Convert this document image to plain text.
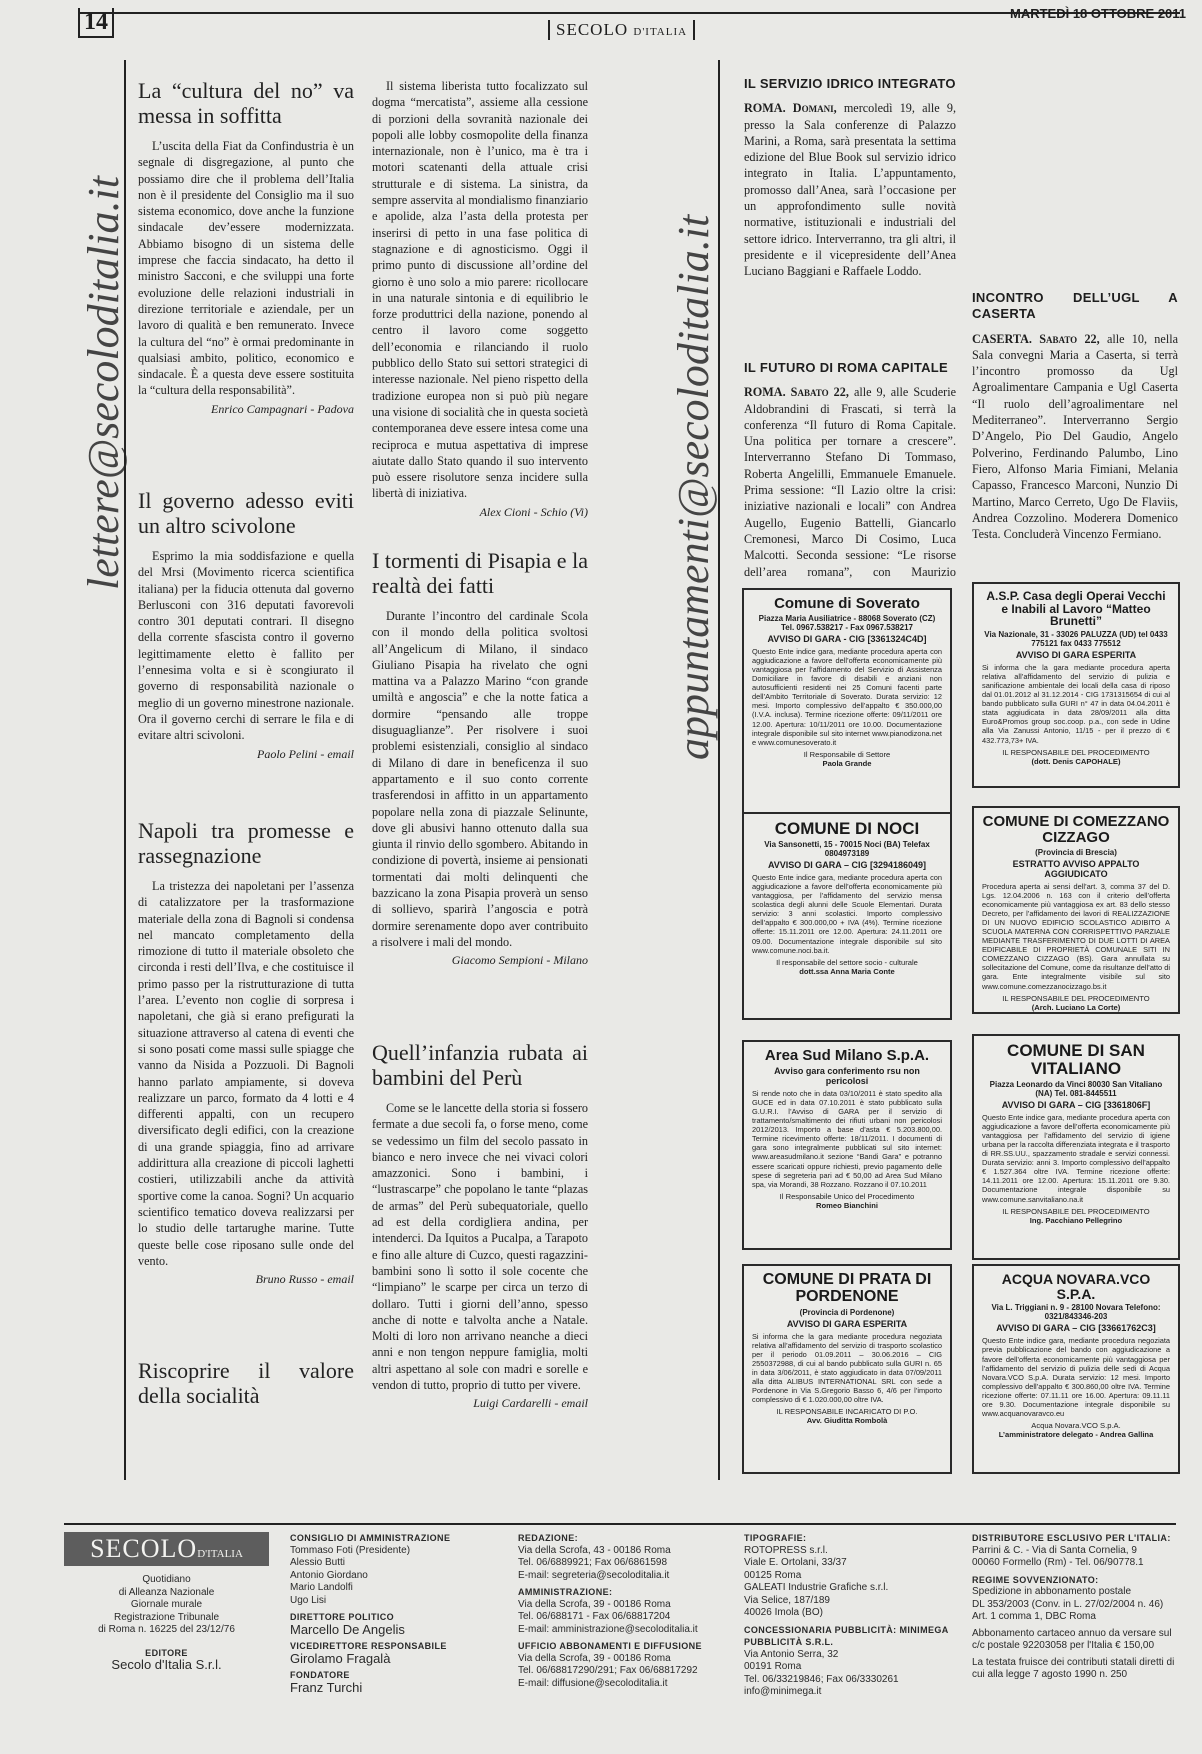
14	SECOLO D'ITALIA
MARTEDÌ 18 OTTOBRE 2011
lettere@secoloditalia.it
La “cultura del no” va messa in soffitta

L’uscita della Fiat da Confindustria è un segnale di disgregazione, al punto che possiamo dire che il problema dell’Italia non è il presidente del Consiglio ma il suo sistema economico, dove anche la funzione sindacale dev’essere modernizzata. Abbiamo bisogno di un sistema delle imprese che faccia sindacato, ha detto il ministro Sacconi, e che sviluppi una forte evoluzione delle relazioni industriali in direzione territoriale e aziendale, per un lavoro di qualità e ben remunerato. Invece la cultura del “no” è ormai predominante in qualsiasi ambito, politico, economico e sindacale. È a questa deve essere sostituita la “cultura della responsabilità”.

Enrico Campagnari - Padova
Il governo adesso eviti un altro scivolone

Esprimo la mia soddisfazione e quella del Mrsi (Movimento ricerca scientifica italiana) per la fiducia ottenuta dal governo Berlusconi con 316 deputati favorevoli contro 301 deputati contrari. Il disegno della corrente sfascista contro il governo legittimamente eletto è fallito per l’ennesima volta e si è scongiurato il governo di responsabilità nazionale o meglio di un governo minestrone nazionale. Ora il governo cerchi di serrare le fila e di evitare altri scivoloni.

Paolo Pelini - email
Napoli tra promesse e rassegnazione

La tristezza dei napoletani per l’assenza di catalizzatore per la trasformazione materiale della zona di Bagnoli si condensa nel mancato completamento della rimozione di tutto il materiale obsoleto che circonda i resti dell’Ilva, e che costituisce il primo passo per la ristrutturazione di tutta l’area. L’evento non coglie di sorpresa i napoletani, che già si erano prefigurati la situazione attraverso al catena di eventi che si sono posati come massi sulle spiagge che vanno da Nisida a Pozzuoli. Di Bagnoli hanno parlato ampiamente, si doveva realizzare un parco, formato da 4 lotti e 4 differenti appalti, con un recupero diversificato degli edifici, con la creazione di una grande spiaggia, fino ad arrivare addirittura alla creazione di piccoli laghetti costieri, utilizzabili anche da attività sportive come la canoa. Sogni? Un acquario scientifico tematico doveva realizzarsi per lo studio delle tartarughe marine. Tutte queste belle cose riposano sulle onde del vento.

Bruno Russo - email
Riscoprire il valore della socialità

Il sistema liberista tutto focalizzato sul dogma “mercatista”, assieme alla cessione di porzioni della sovranità nazionale dei popoli alle lobby cosmopolite della finanza internazionale, non è l’unico, ma è tra i motori scatenanti della attuale crisi strutturale e di sistema. La sinistra, da sempre asservita al mondialismo finanziario e apolide, alza l’asta della protesta per inserirsi di petto in una fase politica di stagnazione e di agnosticismo. Oggi il primo punto di discussione all’ordine del giorno è uno solo a mio parere: ricollocare in una naturale sintonia e di equilibrio le forze produttrici della nazione, ponendo al centro il lavoro come soggetto dell’economia e rilanciando il ruolo pubblico dello Stato sui settori strategici di interesse nazionale. Nel pieno rispetto della tradizione europea non si può più negare una visione di socialità che in questa società contemporanea deve essere intesa come una reciproca e mutua aspettativa di imprese aiutate dallo Stato quando il suo intervento può essere risolutore senza incidere sulla libertà di iniziativa.

Alex Cioni - Schio (Vi)
I tormenti di Pisapia e la realtà dei fatti

Durante l’incontro del cardinale Scola con il mondo della politica svoltosi all’Angelicum di Milano, il sindaco Giuliano Pisapia ha rivelato che ogni mattina va a Palazzo Marino “con grande umiltà e angoscia” e che la notte fatica a dormire “pensando alle troppe disuguaglianze”. Per risolvere i suoi problemi esistenziali, consiglio al sindaco di Milano di dare in beneficenza il suo appartamento e il suo conto corrente trasferendosi in affitto in un appartamento popolare nella zona di piazzale Selinunte, dove gli abusivi hanno ottenuto dalla sua giunta il rinvio dello sgombero. Abitando in condizione di povertà, insieme ai pensionati tormentati dai molti delinquenti che bazzicano la zona Pisapia proverà un senso di sollievo, sparirà l’angoscia e potrà dormire serenamente dopo aver contribuito a risolvere i mali del mondo.

Giacomo Sempioni - Milano
Quell’infanzia rubata ai bambini del Perù

Come se le lancette della storia si fossero fermate a due secoli fa, o forse meno, come se vedessimo un film del secolo passato in bianco e nero invece che nei vivaci colori amazzonici. Sono i bambini, i “lustrascarpe” che popolano le tante “plazas de armas” del Perù subequatoriale, quello ad est della cordigliera andina, per intenderci. Da Iquitos a Pucalpa, a Tarapoto e fino alle alture di Cuzco, questi ragazzini-bambini sono lì sotto il sole cocente che “limpiano” le scarpe per circa un terzo di dollaro. Tutti i giorni dell’anno, spesso anche di notte e talvolta anche a Natale. Molti di loro non arrivano neanche a dieci anni e non tengon neppure famiglia, molti altri aspettano al sole con madri e sorelle e vendon di tutto, proprio di tutto per vivere.

Luigi Cardarelli - email
appuntamenti@secoloditalia.it
IL SERVIZIO IDRICO INTEGRATO

ROMA. Domani, mercoledì 19, alle 9, presso la Sala conferenze di Palazzo Marini, a Roma, sarà presentata la settima edizione del Blue Book sul servizio idrico integrato in Italia. L’appuntamento, promosso dall’Anea, sarà l’occasione per un approfondimento sulle novità normative, istituzionali e industriali del settore idrico. Interverranno, tra gli altri, il presidente e il vicepresidente dell’Anea Luciano Baggiani e Raffaele Loddo.

IL FUTURO DI ROMA CAPITALE

ROMA. Sabato 22, alle 9, alle Scuderie Aldobrandini di Frascati, si terrà la conferenza “Il futuro di Roma Capitale. Una politica per tornare a crescere”. Interverranno Stefano Di Tommaso, Roberta Angelilli, Emmanuele Emanuele. Prima sessione: “Il Lazio oltre la crisi: iniziative nazionali e locali” con Andrea Augello, Eugenio Battelli, Giancarlo Cremonesi, Marco Di Cosimo, Luca Malcotti. Seconda sessione: “Le risorse dell’area romana”, con Maurizio

INCONTRO DELL’UGL A CASERTA

CASERTA. Sabato 22, alle 10, nella Sala convegni Maria a Caserta, si terrà l’incontro promosso da Ugl Agroalimentare Campania e Ugl Caserta “Il ruolo dell’agroalimentare nel Mediterraneo”. Interverranno Sergio D’Angelo, Pio Del Gaudio, Angelo Polverino, Ferdinando Palumbo, Lino Fiero, Alfonso Maria Fimiani, Melania Capasso, Francesco Marconi, Nunzio Di Martino, Marco Cerreto, Ugo De Flaviis, Andrea Cozzolino. Moderera Domenico Testa. Concluderà Vincenzo Fermiano.

Comune di Soverato
Piazza Maria Ausiliatrice - 88068 Soverato (CZ) Tel. 0967.538217 - Fax 0967.538217
AVVISO DI GARA - CIG [3361324C4D]
Questo Ente indice gara, mediante procedura aperta con aggiudicazione a favore dell’offerta economicamente più vantaggiosa per l’affidamento del Servizio di Assistenza Domiciliare in favore di disabili e anziani non autosufficienti residenti nei 25 Comuni facenti parte dell’Ambito Territoriale di Soverato. Durata servizio: 12 mesi. Importo complessivo dell’appalto € 350.000,00 (I.V.A. inclusa). Termine ricezione offerte: 09/11/2011 ore 12.00. Apertura: 10/11/2011 ore 10.00. Documentazione integrale disponibile sul sito internet www.pianodizona.net e www.comunesoverato.it
Il Responsabile di Settore
Paola Grande
A.S.P. Casa degli Operai Vecchi e Inabili al Lavoro “Matteo Brunetti”
Via Nazionale, 31 - 33026 PALUZZA (UD) tel 0433 775121 fax 0433 775512
AVVISO DI GARA ESPERITA
Si informa che la gara mediante procedura aperta relativa all’affidamento del servizio di pulizia e sanificazione ambientale dei locali della casa di riposo dal 01.01.2012 al 31.12.2014 - CIG 1731315654 di cui al bando pubblicato sulla GURI n° 47 in data 04.04.2011 è stata aggiudicata in data 28/09/2011 alla ditta Euro&Promos group soc.coop. p.a., con sede in Udine alla Via Zanussi Antonio, 11/15 - per il prezzo di € 432.773,73+ IVA.
IL RESPONSABILE DEL PROCEDIMENTO
(dott. Denis CAPOHALE)
COMUNE DI NOCI
Via Sansonetti, 15 - 70015 Noci (BA) Telefax 0804973189
AVVISO DI GARA – CIG [3294186049]
Questo Ente indice gara, mediante procedura aperta con aggiudicazione a favore dell’offerta economicamente più vantaggiosa, per l’affidamento del servizio mensa scolastica degli alunni delle Scuole Elementari. Durata servizio: 3 anni scolastici. Importo complessivo dell’appalto € 300.000,00 + IVA (4%). Termine ricezione offerte: 15.11.2011 ore 12.00. Apertura: 24.11.2011 ore 09.00. Documentazione integrale disponibile sul sito www.comune.noci.ba.it.
Il responsabile del settore socio - culturale
dott.ssa Anna Maria Conte
COMUNE DI COMEZZANO CIZZAGO
(Provincia di Brescia)
ESTRATTO AVVISO APPALTO AGGIUDICATO
Procedura aperta ai sensi dell’art. 3, comma 37 del D. Lgs. 12.04.2006 n. 163 con il criterio dell’offerta economicamente più vantaggiosa ex art. 83 dello stesso Decreto, per l’affidamento dei lavori di REALIZZAZIONE DI UN NUOVO EDIFICIO SCOLASTICO ADIBITO A SCUOLA MATERNA CON CORRISPETTIVO PARZIALE MEDIANTE TRASFERIMENTO DI DUE LOTTI DI AREA EDIFICABILE DI PROPRIETÀ COMUNALE SITI IN COMEZZANO CIZZAGO (BS). Gara annullata su sollecitazione del Comune, come da risultanze dell’atto di gara. Ente integralmente visibile sul sito www.comune.comezzanocizzago.bs.it
IL RESPONSABILE DEL PROCEDIMENTO
(Arch. Luciano La Corte)
Area Sud Milano S.p.A.
Avviso gara conferimento rsu non pericolosi
Si rende noto che in data 03/10/2011 è stato spedito alla GUCE ed in data 07.10.2011 è stato pubblicato sulla G.U.R.I. l’Avviso di GARA per il servizio di trattamento/smaltimento dei rifiuti urbani non pericolosi 2012/2013. Importo a base d’asta € 5.203.800,00. Termine ricevimento offerte: 18/11/2011. I documenti di gara sono integralmente pubblicati sul sito internet: www.areasudmilano.it sezione “Bandi Gara” e potranno essere scaricati oppure richiesti, previo pagamento delle spese di segreteria pari ad € 50,00 ad Area Sud Milano spa, via Morandi, 38 Rozzano. Rozzano il 07.10.2011
Il Responsabile Unico del Procedimento
Romeo Bianchini
COMUNE DI SAN VITALIANO
Piazza Leonardo da Vinci 80030 San Vitaliano (NA) Tel. 081-8445511
AVVISO DI GARA – CIG [3361806F]
Questo Ente indice gara, mediante procedura aperta con aggiudicazione a favore dell’offerta economicamente più vantaggiosa per l’affidamento del servizio di igiene urbana per la raccolta differenziata integrata e il trasporto di RR.SS.UU., spazzamento stradale e servizi connessi. Durata servizio: anni 3. Importo complessivo dell’appalto € 1.527.364 oltre IVA. Termine ricezione offerte: 14.11.2011 ore 12.00. Apertura: 15.11.2011 ore 9.30. Documentazione integrale disponibile su www.comune.sanvitaliano.na.it
IL RESPONSABILE DEL PROCEDIMENTO
Ing. Pacchiano Pellegrino
COMUNE DI PRATA DI PORDENONE
(Provincia di Pordenone)
AVVISO DI GARA ESPERITA
Si informa che la gara mediante procedura negoziata relativa all’affidamento del servizio di trasporto scolastico per il periodo 01.09.2011 – 30.06.2016 – CIG 2550372988, di cui al bando pubblicato sulla GURI n. 65 in data 3/06/2011, è stato aggiudicato in data 07/09/2011 alla ditta ALIBUS INTERNATIONAL SRL con sede a Pordenone in Via S.Gregorio Basso 6, 4/6 per l’importo complessivo di € 1.020.000,00 oltre IVA.
IL RESPONSABILE INCARICATO DI P.O.
Avv. Giuditta Rombolà
ACQUA NOVARA.VCO S.P.A.
Via L. Triggiani n. 9 - 28100 Novara Telefono: 0321/843346-203
AVVISO DI GARA – CIG [33661762C3]
Questo Ente indice gara, mediante procedura negoziata previa pubblicazione del bando con aggiudicazione a favore dell’offerta economicamente più vantaggiosa per l’affidamento del servizio di pulizia delle sedi di Acqua Novara.VCO S.p.A. Durata servizio: 12 mesi. Importo complessivo dell’appalto € 300.860,00 oltre IVA. Termine ricezione offerte: 07.11.11 ore 16.00. Apertura: 09.11.11 ore 9.30. Documentazione integrale disponibile su www.acquanovaravco.eu
Acqua Novara.VCO S.p.A.
L’amministratore delegato - Andrea Gallina
SECOLOD'ITALIA
Quotidiano
di Alleanza Nazionale
Giornale murale
Registrazione Tribunale
di Roma n. 16225 del 23/12/76
EDITORE
Secolo d'Italia S.r.l.
CONSIGLIO DI AMMINISTRAZIONE
Tommaso Foti (Presidente)
Alessio Butti
Antonio Giordano
Mario Landolfi
Ugo Lisi
DIRETTORE POLITICO
Marcello De Angelis
VICEDIRETTORE RESPONSABILE
Girolamo Fragalà
FONDATORE
Franz Turchi
REDAZIONE:
Via della Scrofa, 43 - 00186 Roma
Tel. 06/6889921; Fax 06/6861598
E-mail: segreteria@secoloditalia.it
AMMINISTRAZIONE:
Via della Scrofa, 39 - 00186 Roma
Tel. 06/688171 - Fax 06/68817204
E-mail: amministrazione@secoloditalia.it
UFFICIO ABBONAMENTI E DIFFUSIONE
Via della Scrofa, 39 - 00186 Roma
Tel. 06/68817290/291; Fax 06/68817292
E-mail: diffusione@secoloditalia.it
TIPOGRAFIE:
ROTOPRESS s.r.l.
Viale E. Ortolani, 33/37
00125 Roma
GALEATI Industrie Grafiche s.r.l.
Via Selice, 187/189
40026 Imola (BO)
CONCESSIONARIA PUBBLICITÀ: MINIMEGA PUBBLICITÀ S.R.L.
Via Antonio Serra, 32
00191 Roma
Tel. 06/33219846; Fax 06/3330261
info@minimega.it
DISTRIBUTORE ESCLUSIVO PER L'ITALIA:
Parrini & C. - Via di Santa Cornelia, 9
00060 Formello (Rm) - Tel. 06/90778.1
REGIME SOVVENZIONATO:
Spedizione in abbonamento postale
DL 353/2003 (Conv. in L. 27/02/2004 n. 46)
Art. 1 comma 1, DBC Roma
Abbonamento cartaceo annuo da versare sul c/c postale 92203058 per l'Italia € 150,00
La testata fruisce dei contributi statali diretti di cui alla legge 7 agosto 1990 n. 250
